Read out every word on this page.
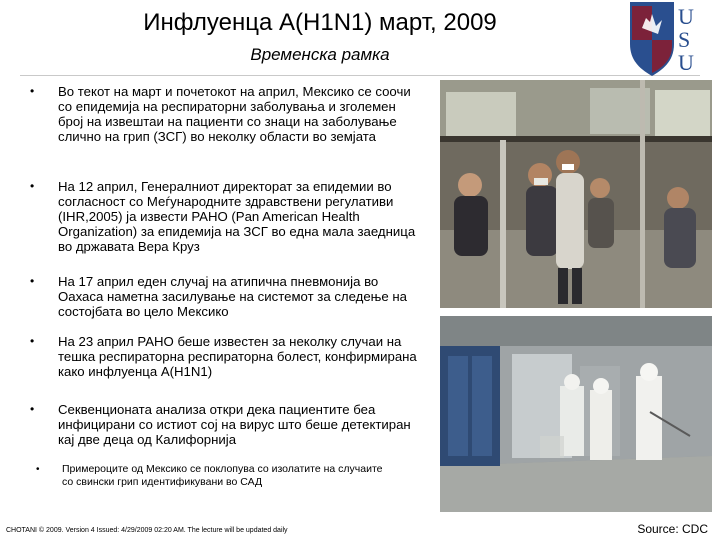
Инфлуенца A(H1N1) март, 2009
Временска рамка
U
S
U
• Во текот на март и почетокот на април, Мексико се соочи со епидемија на респираторни заболувања и зголемен број на извештаи на пациенти со знаци на заболување слично на грип (ЗСГ) во неколку области во земјата
• На 12 април, Генералниот директорат за епидемии во согласност со Меѓународните здравствени регулативи (IHR,2005) ја извести PAHO (Pan American Health Organization) за епидемија на ЗСГ во една мала заедница во државата Вера Круз
• На 17 април еден случај на атипична пневмонија во Оахаса наметна засилување на системот за следење на состојбата во цело Мексико
• На 23 април PAHO беше известен за неколку случаи на тешка респираторна респираторна болест, конфирмирана како инфлуенца A(H1N1)
• Секвенционата анализа откри дека пациентите беа инфицирани со истиот сој на вирус што беше детектиран кај две деца од Калифорнија
• Примероците од Мексико се поклопува со изолатите на случаите со свински грип идентификувани во САД
CHOTANI © 2009. Version 4 Issued: 4/29/2009 02:20 AM. The lecture will be updated daily	Source: CDC
